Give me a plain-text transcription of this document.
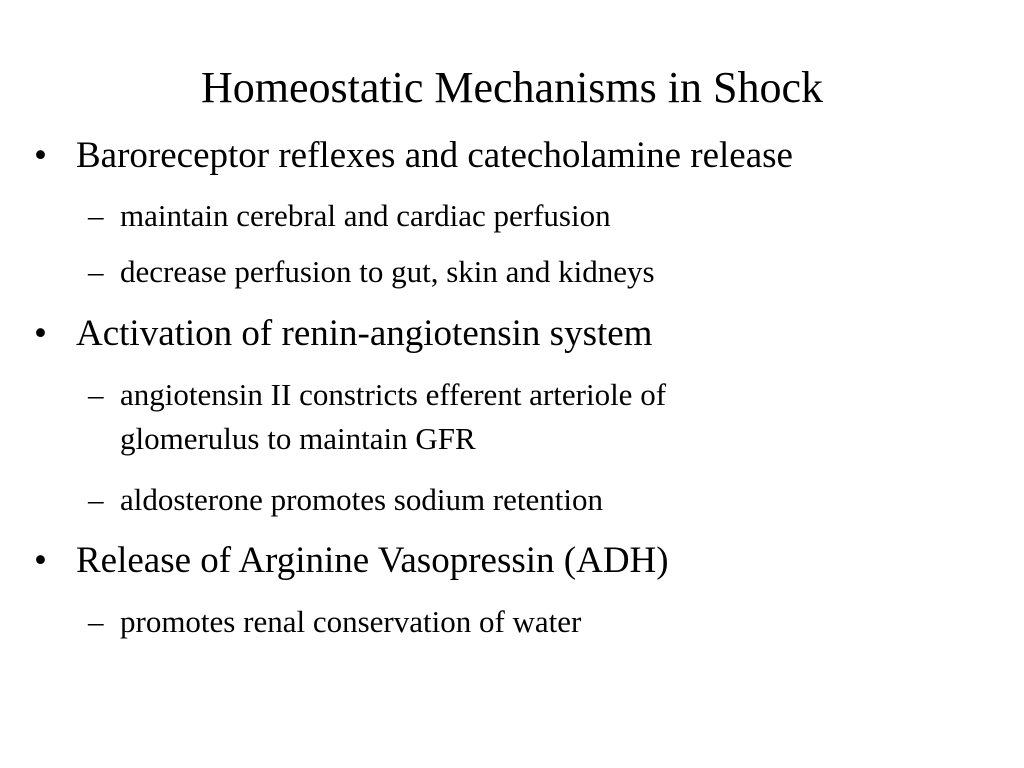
Homeostatic Mechanisms in Shock
• Baroreceptor reflexes and catecholamine release
– maintain cerebral and cardiac perfusion
– decrease perfusion to gut, skin and kidneys
• Activation of renin-angiotensin system
– angiotensin II constricts efferent arteriole of
glomerulus to maintain GFR
– aldosterone promotes sodium retention
• Release of Arginine Vasopressin (ADH)
– promotes renal conservation of water
